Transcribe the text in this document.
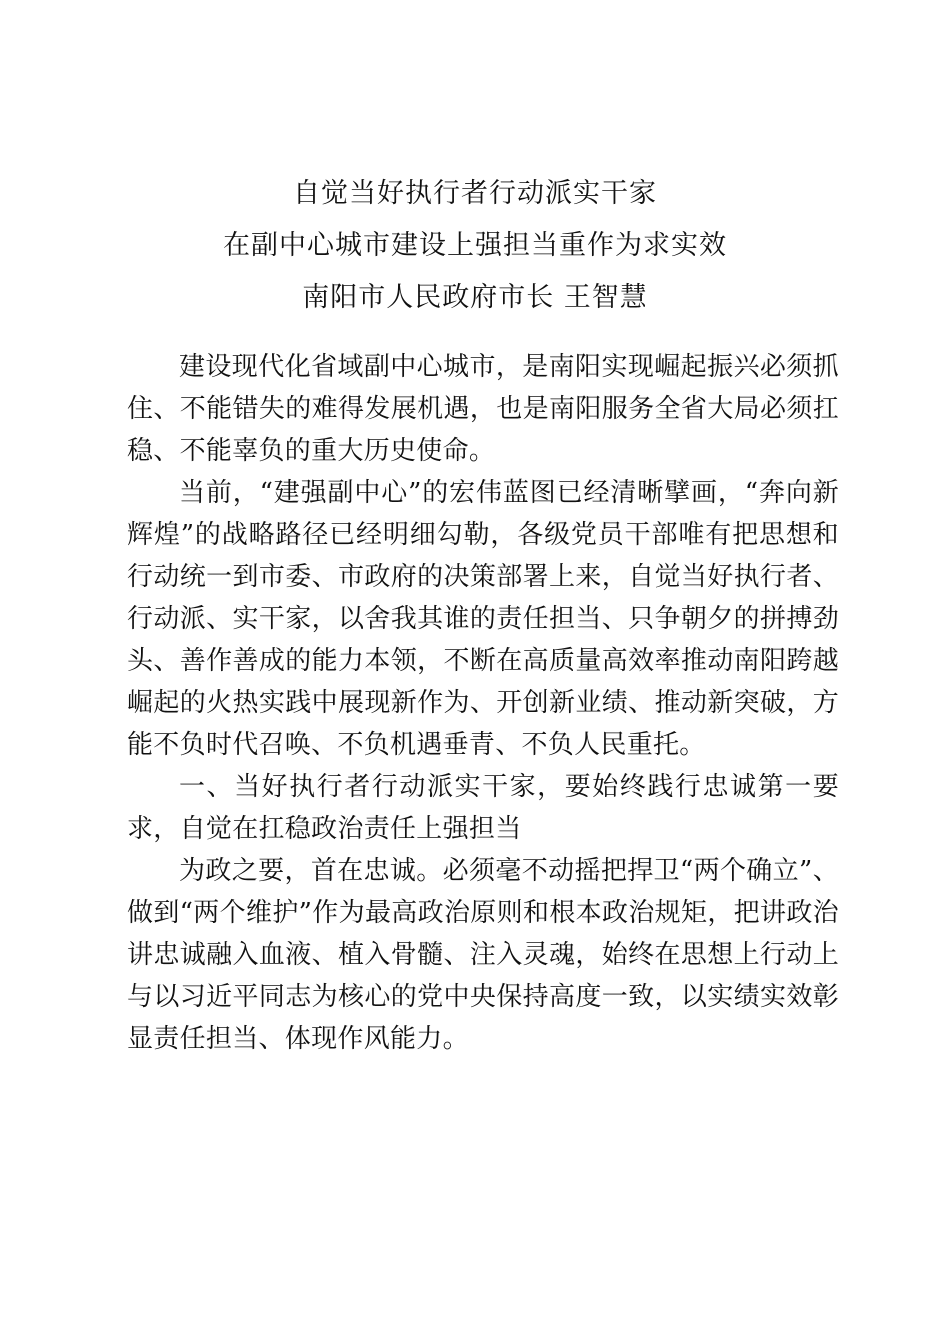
自觉当好执行者行动派实干家
在副中心城市建设上强担当重作为求实效
南阳市人民政府市长 王智慧

建设现代化省域副中心城市，是南阳实现崛起振兴必须抓住、不能错失的难得发展机遇，也是南阳服务全省大局必须扛稳、不能辜负的重大历史使命。

当前，“建强副中心”的宏伟蓝图已经清晰擘画，“奔向新辉煌”的战略路径已经明细勾勒，各级党员干部唯有把思想和行动统一到市委、市政府的决策部署上来，自觉当好执行者、行动派、实干家，以舍我其谁的责任担当、只争朝夕的拼搏劲头、善作善成的能力本领，不断在高质量高效率推动南阳跨越崛起的火热实践中展现新作为、开创新业绩、推动新突破，方能不负时代召唤、不负机遇垂青、不负人民重托。

一、当好执行者行动派实干家，要始终践行忠诚第一要求，自觉在扛稳政治责任上强担当

为政之要，首在忠诚。必须毫不动摇把捍卫“两个确立”、做到“两个维护”作为最高政治原则和根本政治规矩，把讲政治讲忠诚融入血液、植入骨髓、注入灵魂，始终在思想上行动上与以习近平同志为核心的党中央保持高度一致，以实绩实效彰显责任担当、体现作风能力。
